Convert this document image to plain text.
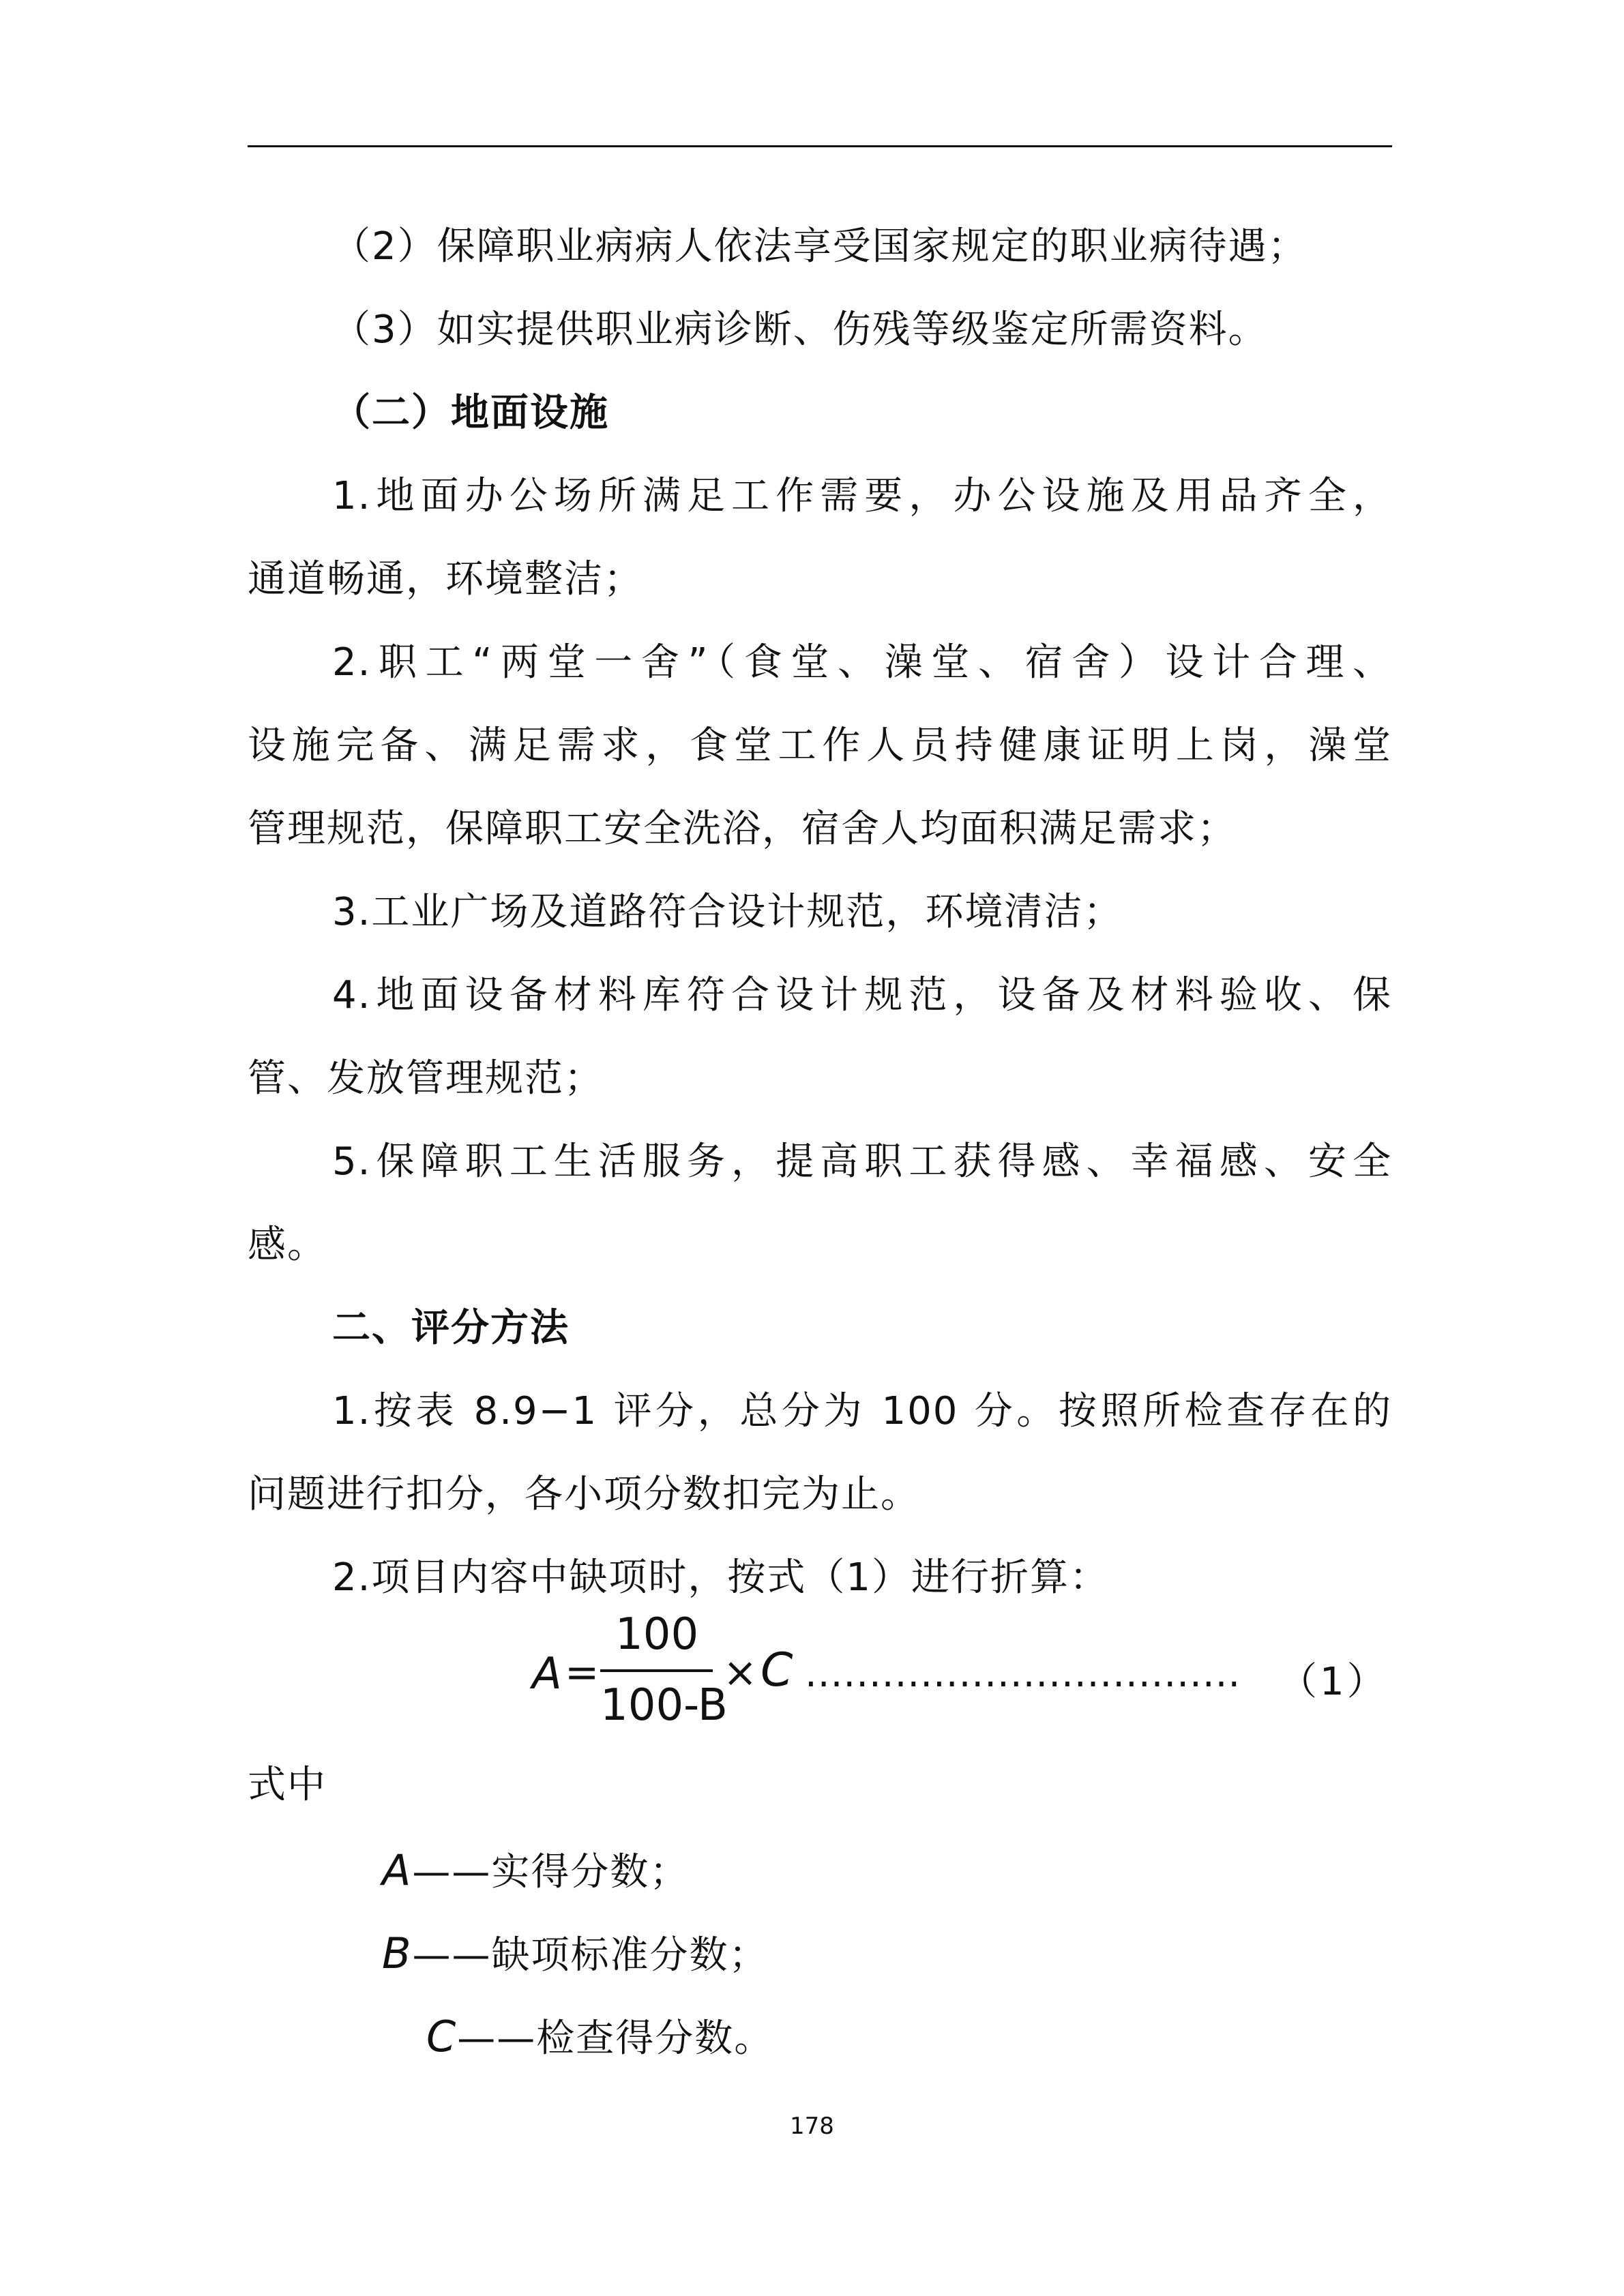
（2）保障职业病病人依法享受国家规定的职业病待遇；
（3）如实提供职业病诊断、伤残等级鉴定所需资料。
（二）地面设施
1.地面办公场所满足工作需要，办公设施及用品齐全，
通道畅通，环境整洁；
2.职工“两堂一舍”（食堂、澡堂、宿舍）设计合理、
设施完备、满足需求，食堂工作人员持健康证明上岗，澡堂
管理规范，保障职工安全洗浴，宿舍人均面积满足需求；
3.工业广场及道路符合设计规范，环境清洁；
4.地面设备材料库符合设计规范，设备及材料验收、保
管、发放管理规范；
5.保障职工生活服务，提高职工获得感、幸福感、安全
感。
二、评分方法
1.按表 8.9−1 评分，总分为 100 分。按照所检查存在的
问题进行扣分，各小项分数扣完为止。
2.项目内容中缺项时，按式（1）进行折算：
A =
100
100-B
× C .................................. （1）
式中
A——实得分数；
B——缺项标准分数；
C——检查得分数。
178
